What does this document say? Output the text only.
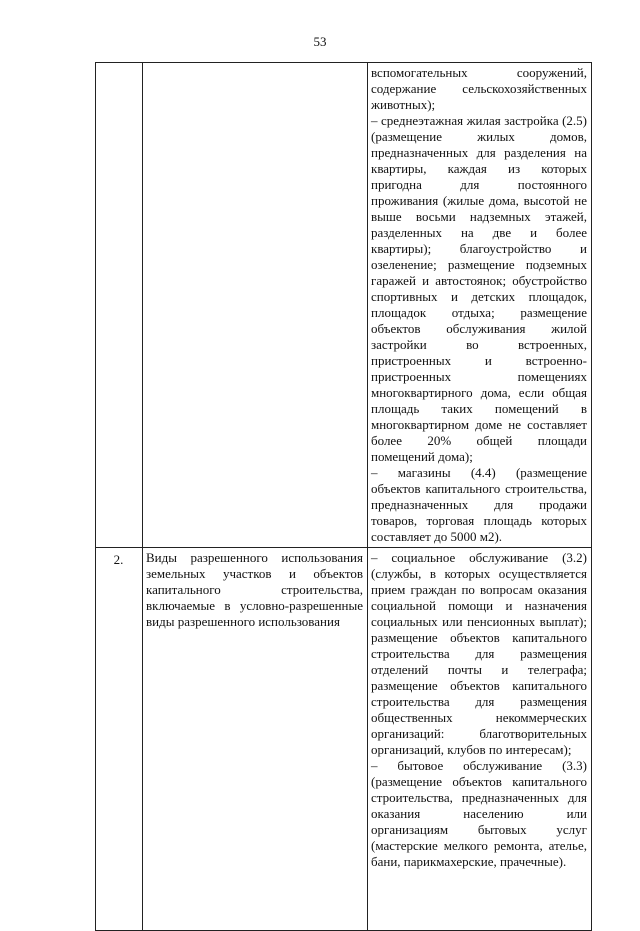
53

		вспомогательных сооружений, содержание сельскохозяйственных животных);
– среднеэтажная жилая застройка (2.5) (размещение жилых домов, предназначенных для разделения на квартиры, каждая из которых пригодна для постоянного проживания (жилые дома, высотой не выше восьми надземных этажей, разделенных на две и более квартиры); благоустройство и озеленение; размещение подземных гаражей и автостоянок; обустройство спортивных и детских площадок, площадок отдыха; размещение объектов обслуживания жилой застройки во встроенных, пристроенных и встроенно-пристроенных помещениях многоквартирного дома, если общая площадь таких помещений в многоквартирном доме не составляет более 20% общей площади помещений дома);
– магазины (4.4) (размещение объектов капитального строительства, предназначенных для продажи товаров, торговая площадь которых составляет до 5000 м2).

2.	Виды разрешенного использования земельных участков и объектов капитального строительства, включаемые в условно-разрешенные виды разрешенного использования	– социальное обслуживание (3.2) (службы, в которых осуществляется прием граждан по вопросам оказания социальной помощи и назначения социальных или пенсионных выплат); размещение объектов капитального строительства для размещения отделений почты и телеграфа; размещение объектов капитального строительства для размещения общественных некоммерческих организаций: благотворительных организаций, клубов по интересам);
– бытовое обслуживание (3.3) (размещение объектов капитального строительства, предназначенных для оказания населению или организациям бытовых услуг (мастерские мелкого ремонта, ателье, бани, парикмахерские, прачечные).
